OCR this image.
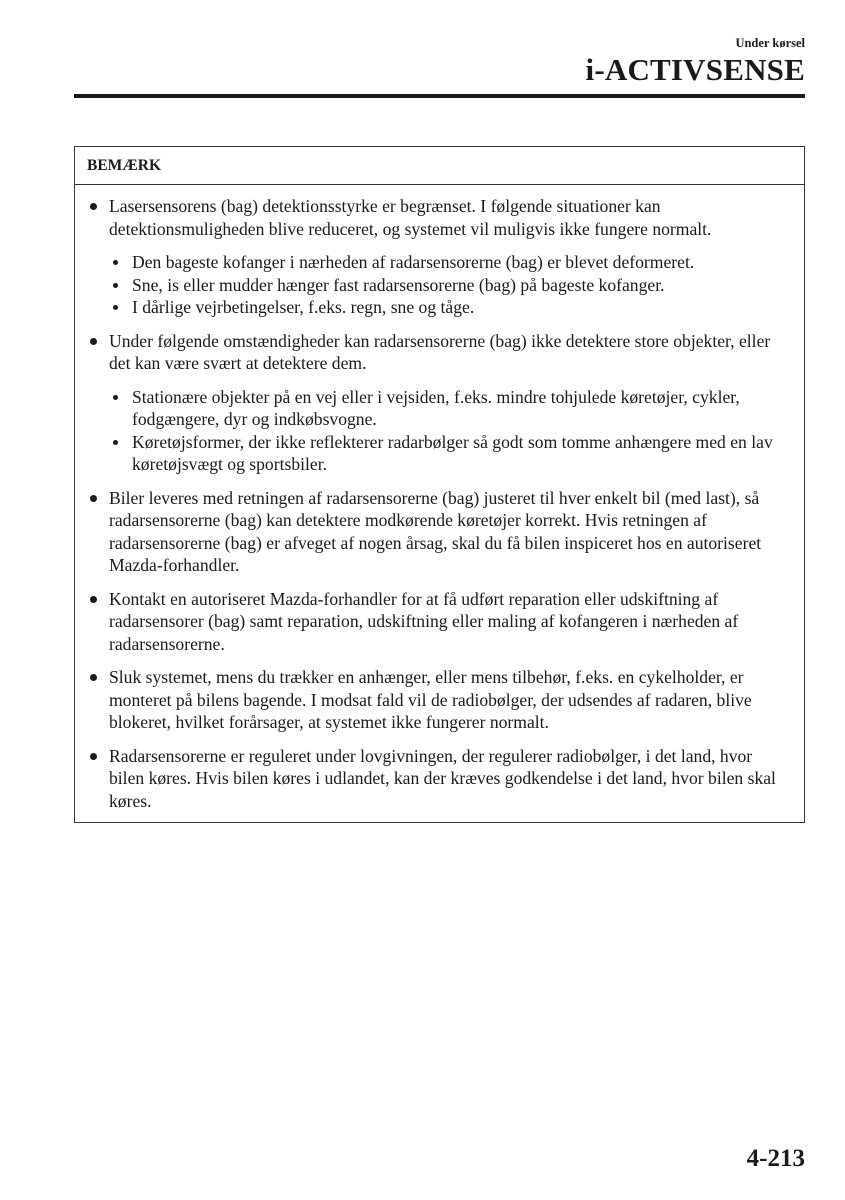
Under kørsel
i-ACTIVSENSE
BEMÆRK
Lasersensorens (bag) detektionsstyrke er begrænset. I følgende situationer kan detektionsmuligheden blive reduceret, og systemet vil muligvis ikke fungere normalt.
Den bageste kofanger i nærheden af radarsensorerne (bag) er blevet deformeret.
Sne, is eller mudder hænger fast radarsensorerne (bag) på bageste kofanger.
I dårlige vejrbetingelser, f.eks. regn, sne og tåge.
Under følgende omstændigheder kan radarsensorerne (bag) ikke detektere store objekter, eller det kan være svært at detektere dem.
Stationære objekter på en vej eller i vejsiden, f.eks. mindre tohjulede køretøjer, cykler, fodgængere, dyr og indkøbsvogne.
Køretøjsformer, der ikke reflekterer radarbølger så godt som tomme anhængere med en lav køretøjsvægt og sportsbiler.
Biler leveres med retningen af radarsensorerne (bag) justeret til hver enkelt bil (med last), så radarsensorerne (bag) kan detektere modkørende køretøjer korrekt. Hvis retningen af radarsensorerne (bag) er afveget af nogen årsag, skal du få bilen inspiceret hos en autoriseret Mazda-forhandler.
Kontakt en autoriseret Mazda-forhandler for at få udført reparation eller udskiftning af radarsensorer (bag) samt reparation, udskiftning eller maling af kofangeren i nærheden af radarsensorerne.
Sluk systemet, mens du trækker en anhænger, eller mens tilbehør, f.eks. en cykelholder, er monteret på bilens bagende. I modsat fald vil de radiobølger, der udsendes af radaren, blive blokeret, hvilket forårsager, at systemet ikke fungerer normalt.
Radarsensorerne er reguleret under lovgivningen, der regulerer radiobølger, i det land, hvor bilen køres. Hvis bilen køres i udlandet, kan der kræves godkendelse i det land, hvor bilen skal køres.
4-213
